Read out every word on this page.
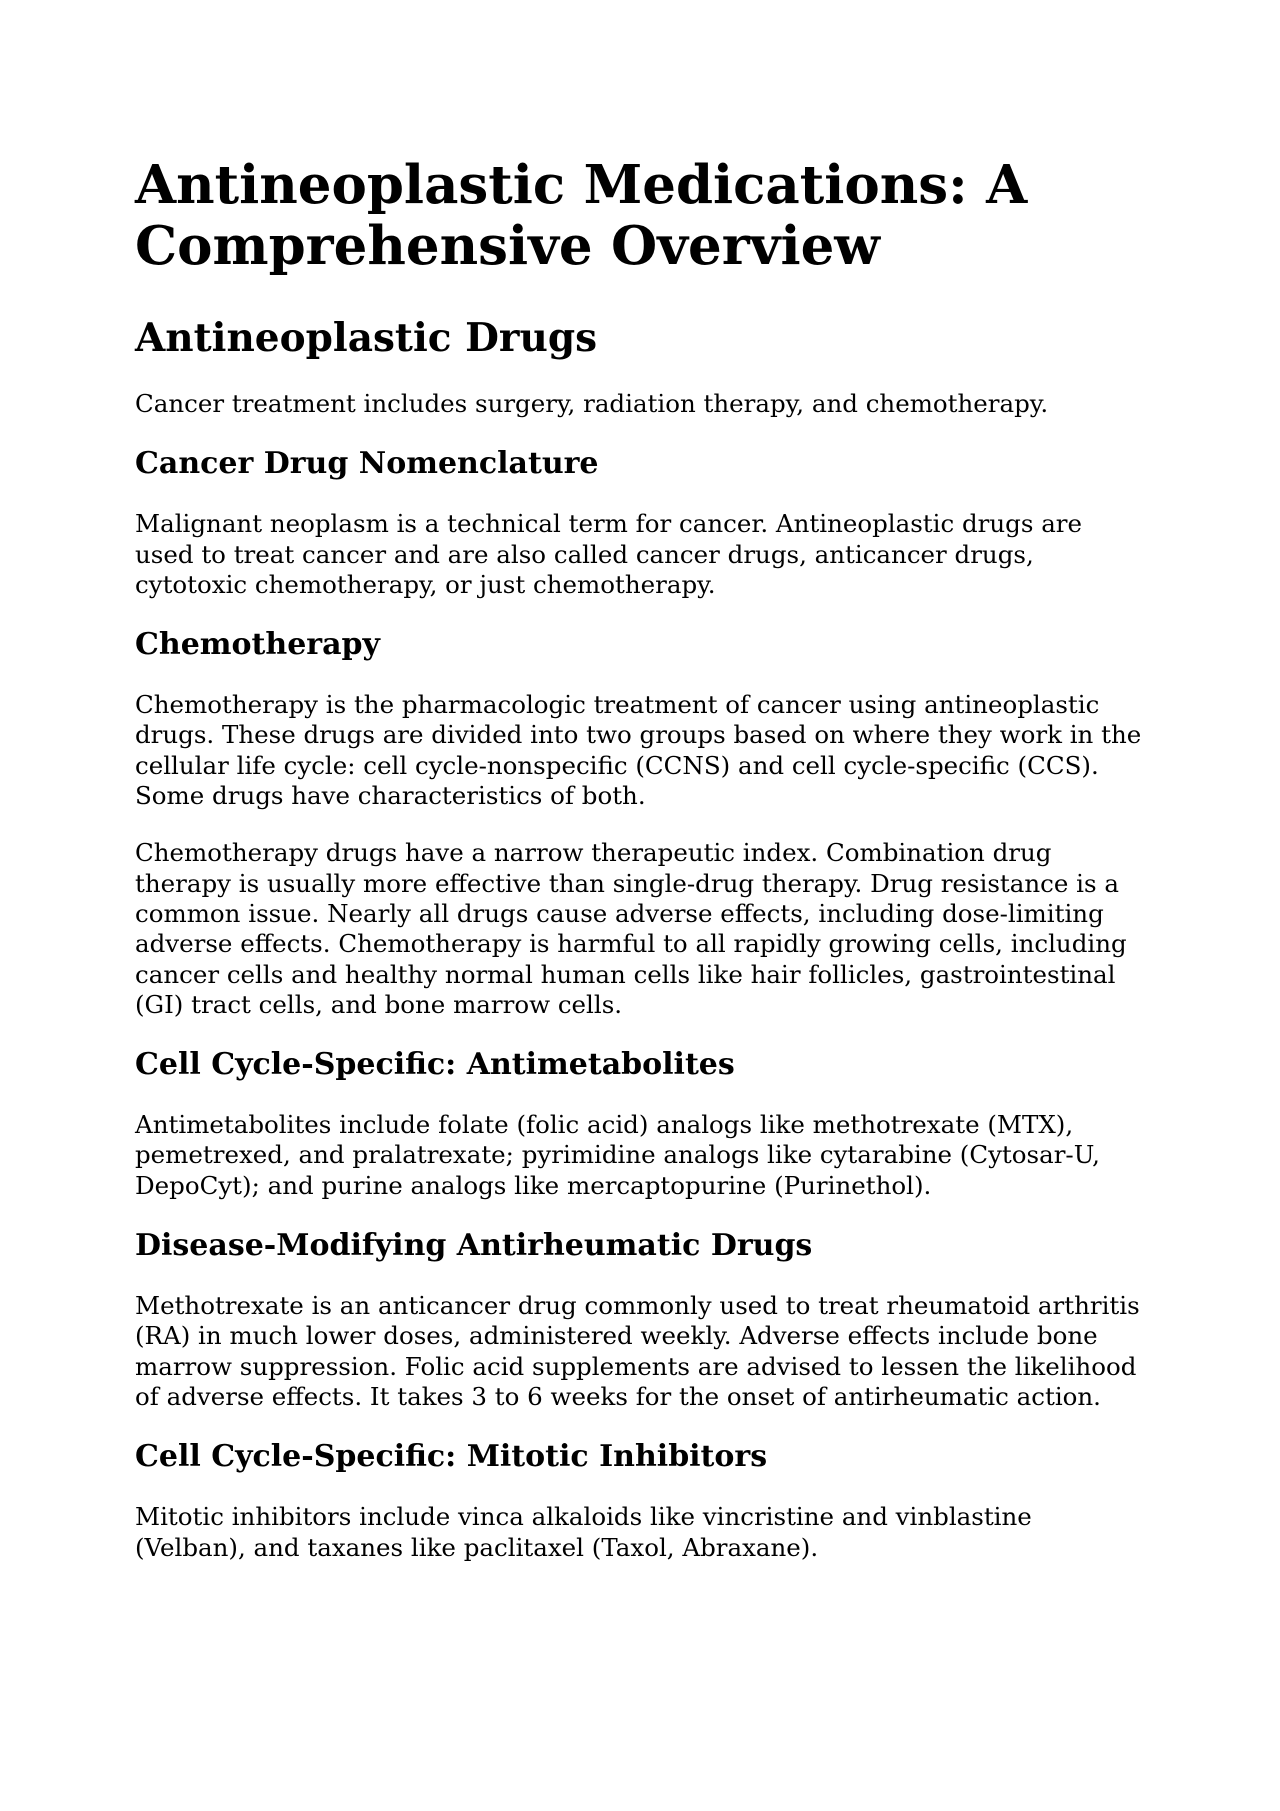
Antineoplastic Medications: A Comprehensive Overview
Antineoplastic Drugs

Cancer treatment includes surgery, radiation therapy, and chemotherapy.

Cancer Drug Nomenclature

Malignant neoplasm is a technical term for cancer. Antineoplastic drugs are used to treat cancer and are also called cancer drugs, anticancer drugs, cytotoxic chemotherapy, or just chemotherapy.

Chemotherapy

Chemotherapy is the pharmacologic treatment of cancer using antineoplastic drugs. These drugs are divided into two groups based on where they work in the cellular life cycle: cell cycle-nonspecific (CCNS) and cell cycle-specific (CCS). Some drugs have characteristics of both.

Chemotherapy drugs have a narrow therapeutic index. Combination drug therapy is usually more effective than single-drug therapy. Drug resistance is a common issue. Nearly all drugs cause adverse effects, including dose-limiting adverse effects. Chemotherapy is harmful to all rapidly growing cells, including cancer cells and healthy normal human cells like hair follicles, gastrointestinal (GI) tract cells, and bone marrow cells.

Cell Cycle-Specific: Antimetabolites

Antimetabolites include folate (folic acid) analogs like methotrexate (MTX), pemetrexed, and pralatrexate; pyrimidine analogs like cytarabine (Cytosar-U, DepoCyt); and purine analogs like mercaptopurine (Purinethol).

Disease-Modifying Antirheumatic Drugs

Methotrexate is an anticancer drug commonly used to treat rheumatoid arthritis (RA) in much lower doses, administered weekly. Adverse effects include bone marrow suppression. Folic acid supplements are advised to lessen the likelihood of adverse effects. It takes 3 to 6 weeks for the onset of antirheumatic action.

Cell Cycle-Specific: Mitotic Inhibitors

Mitotic inhibitors include vinca alkaloids like vincristine and vinblastine (Velban), and taxanes like paclitaxel (Taxol, Abraxane).
